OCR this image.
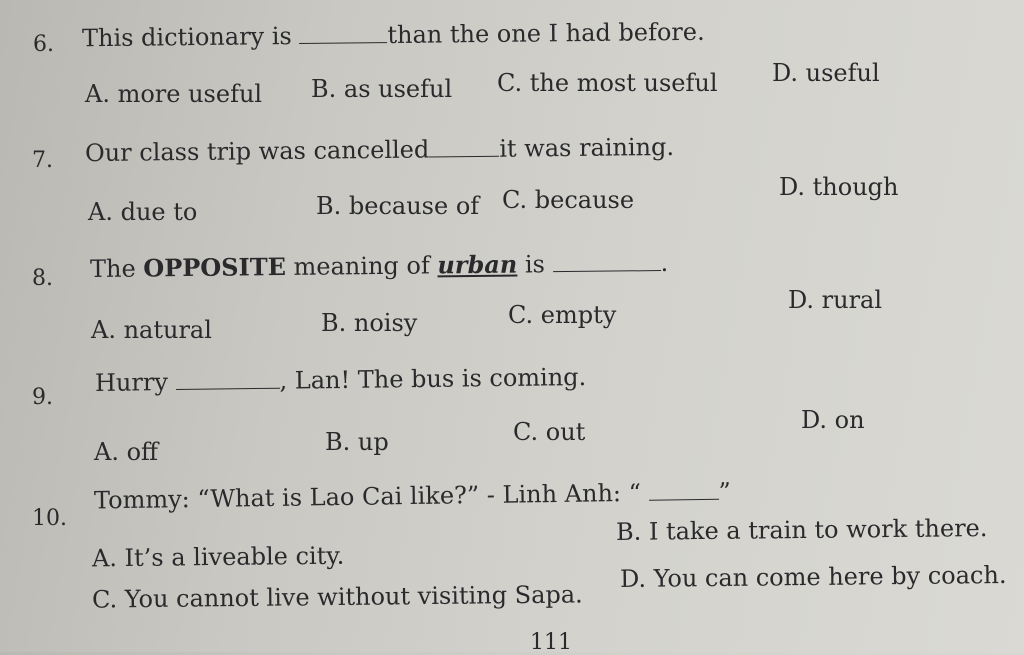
6. This dictionary is	than the one I had before.
A. more useful B. as useful C. the most useful D. useful
7. Our class trip was cancelled	it was raining.
A. due to	B. because of C. because	D. though
8. The OPPOSITE meaning of urban is	.
A. natural	B. noisy	C. empty
D. rural
9.
Hurry	, Lan! The bus is coming.
A. off	B. up	C. out	D. on
10.
Tommy: “What is Lao Cai like?” - Linh Anh: “	”
A. It’s a liveable city.
B. I take a train to work there.
C. You cannot live without visiting Sapa.
D. You can come here by coach.
111
